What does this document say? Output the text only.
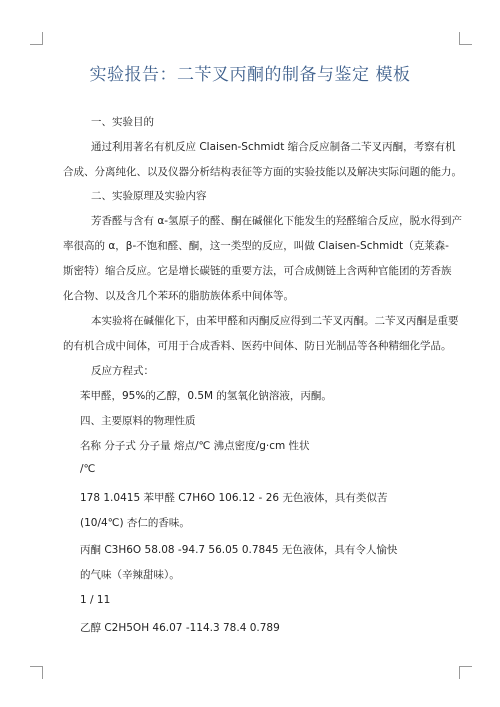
实验报告：二苄叉丙酮的制备与鉴定 模板
一、实验目的
通过利用著名有机反应 Claisen-Schmidt 缩合反应制备二苄叉丙酮，考察有机
合成、分离纯化、以及仪器分析结构表征等方面的实验技能以及解决实际问题的能力。
二、实验原理及实验内容
芳香醛与含有 α-氢原子的醛、酮在碱催化下能发生的羟醛缩合反应，脱水得到产
率很高的 α，β-不饱和醛、酮，这一类型的反应，叫做 Claisen-Schmidt（克莱森-
斯密特）缩合反应。它是增长碳链的重要方法，可合成侧链上含两种官能团的芳香族
化合物、以及含几个苯环的脂肪族体系中间体等。
本实验将在碱催化下，由苯甲醛和丙酮反应得到二苄叉丙酮。二苄叉丙酮是重要
的有机合成中间体，可用于合成香料、医药中间体、防日光制品等各种精细化学品。
反应方程式：
苯甲醛，95%的乙醇，0.5M 的氢氧化钠溶液，丙酮。
四、主要原料的物理性质
名称 分子式 分子量 熔点/℃ 沸点密度/g·cm 性状
/℃
178 1.0415 苯甲醛 C7H6O 106.12 - 26 无色液体，具有类似苦
(10/4℃) 杏仁的香味。
丙酮 C3H6O 58.08 -94.7 56.05 0.7845 无色液体，具有令人愉快
的气味（辛辣甜味）。
1 / 11
乙醇 C2H5OH 46.07 -114.3 78.4 0.789
